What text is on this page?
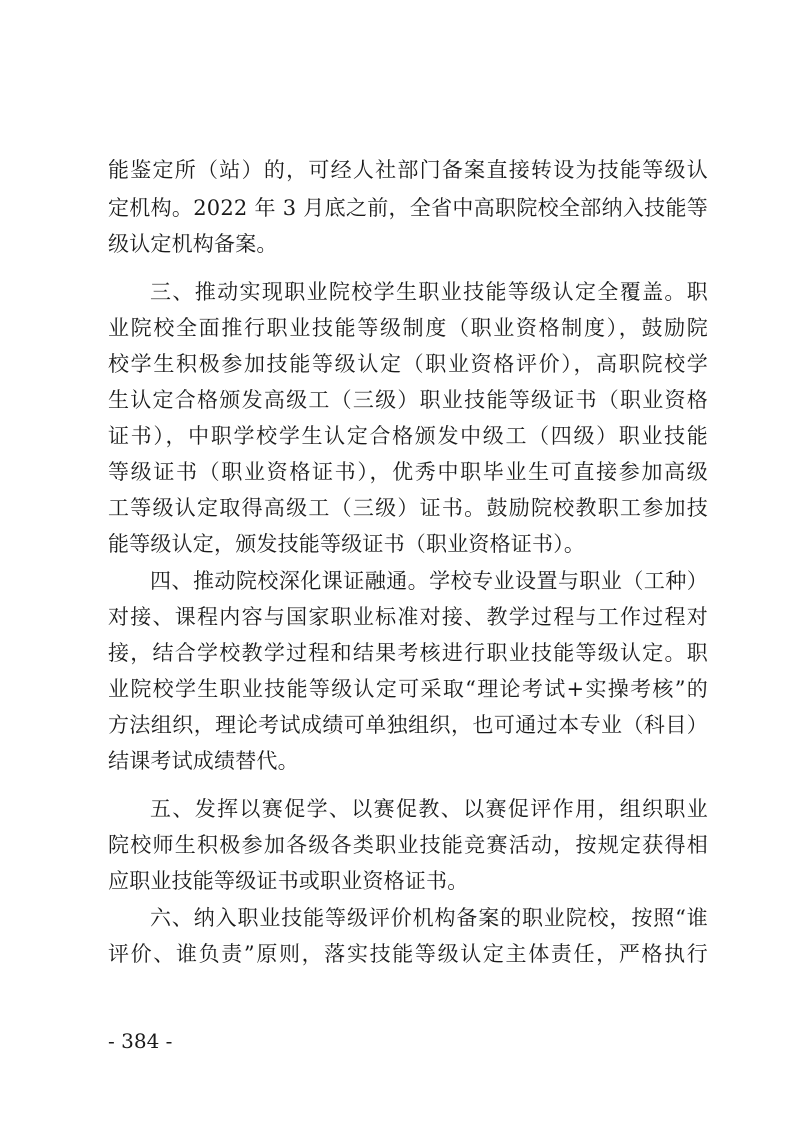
能鉴定所（站）的，可经人社部门备案直接转设为技能等级认
定机构。2022 年 3 月底之前，全省中高职院校全部纳入技能等
级认定机构备案。
三、推动实现职业院校学生职业技能等级认定全覆盖。职
业院校全面推行职业技能等级制度（职业资格制度），鼓励院
校学生积极参加技能等级认定（职业资格评价），高职院校学
生认定合格颁发高级工（三级）职业技能等级证书（职业资格
证书），中职学校学生认定合格颁发中级工（四级）职业技能
等级证书（职业资格证书），优秀中职毕业生可直接参加高级
工等级认定取得高级工（三级）证书。鼓励院校教职工参加技
能等级认定，颁发技能等级证书（职业资格证书）。
四、推动院校深化课证融通。学校专业设置与职业（工种）
对接、课程内容与国家职业标准对接、教学过程与工作过程对
接，结合学校教学过程和结果考核进行职业技能等级认定。职
业院校学生职业技能等级认定可采取“理论考试+实操考核”的
方法组织，理论考试成绩可单独组织，也可通过本专业（科目）
结课考试成绩替代。
五、发挥以赛促学、以赛促教、以赛促评作用，组织职业
院校师生积极参加各级各类职业技能竞赛活动，按规定获得相
应职业技能等级证书或职业资格证书。
六、纳入职业技能等级评价机构备案的职业院校，按照“谁
评价、谁负责”原则，落实技能等级认定主体责任，严格执行
- 384 -
